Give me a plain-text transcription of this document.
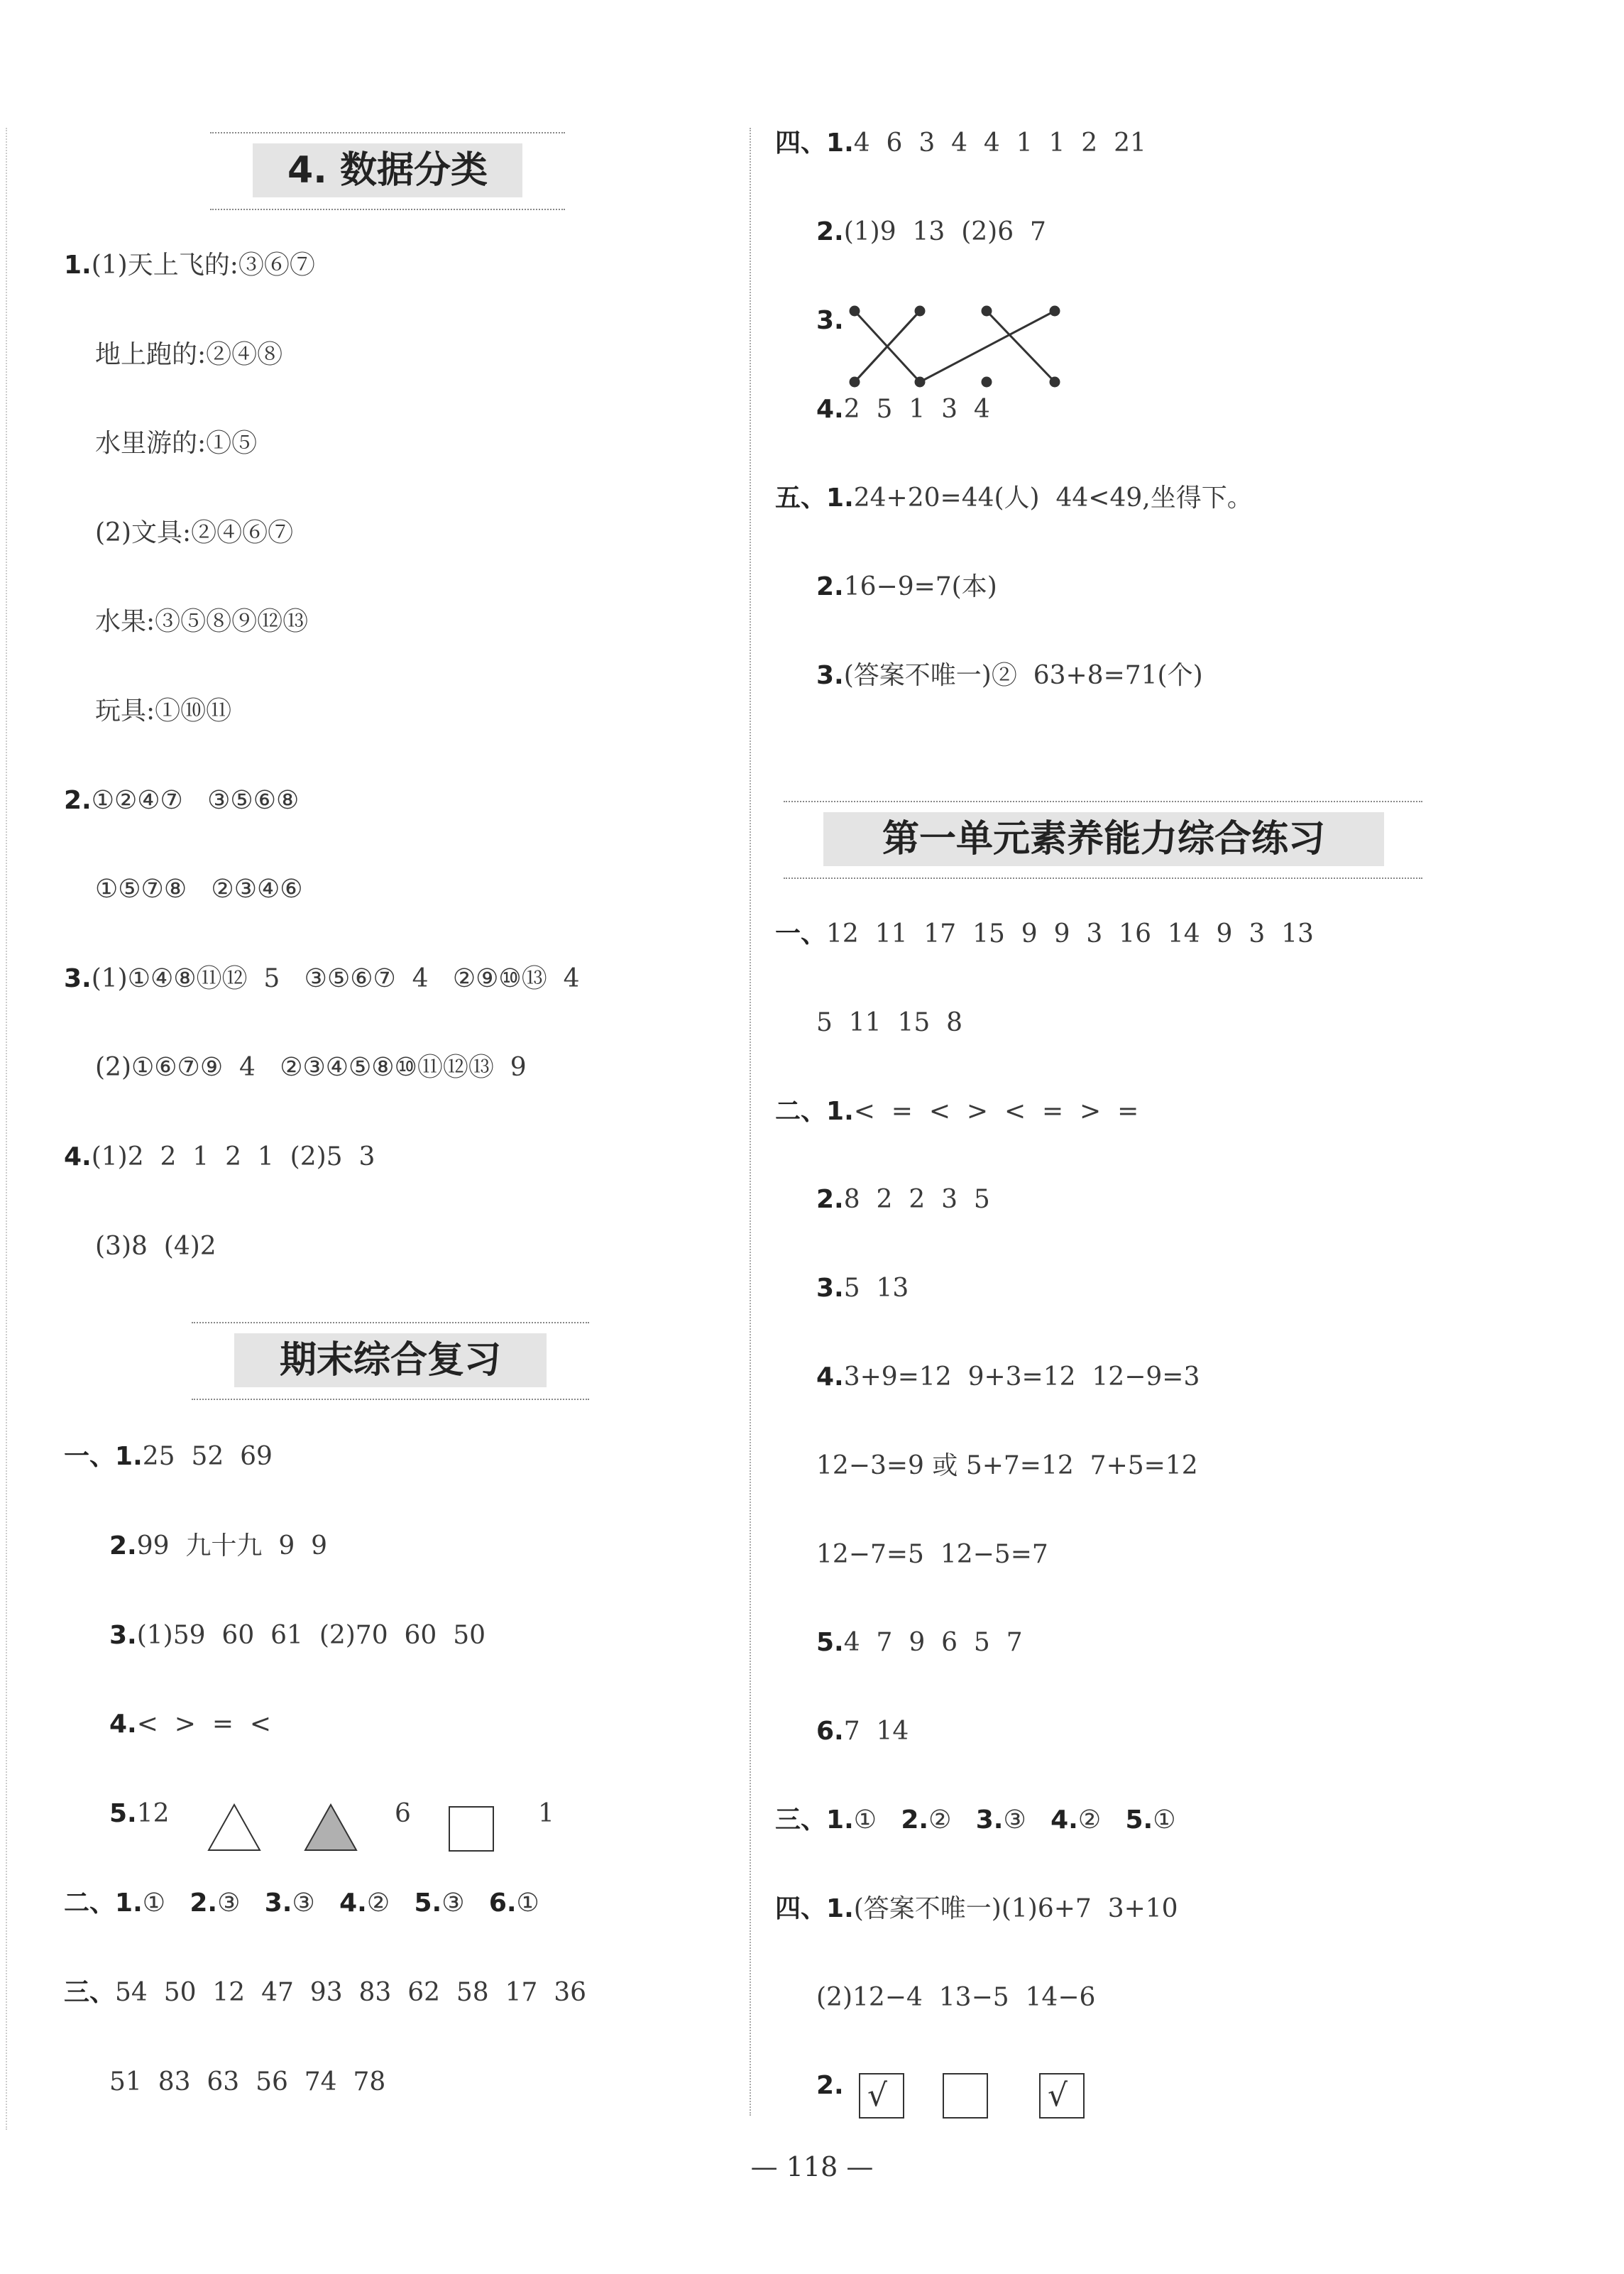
4. 数据分类
1.(1)天上飞的:③⑥⑦
地上跑的:②④⑧
水里游的:①⑤
(2)文具:②④⑥⑦
水果:③⑤⑧⑨⑫⑬
玩具:①⑩⑪
2.①②④⑦   ③⑤⑥⑧
①⑤⑦⑧   ②③④⑥
3.(1)①④⑧⑪⑫  5   ③⑤⑥⑦  4   ②⑨⑩⑬  4
(2)①⑥⑦⑨  4   ②③④⑤⑧⑩⑪⑫⑬  9
4.(1)2  2  1  2  1  (2)5  3
(3)8  (4)2
期末综合复习
一、1.25  52  69
2.99  九十九  9  9
3.(1)59  60  61  (2)70  60  50
4.<  >  =  <
5.12	6	1
二、1.① 2.③ 3.③ 4.② 5.③ 6.①
三、54  50  12  47  93  83  62  58  17  36
51  83  63  56  74  78
四、1.4  6  3  4  4  1  1  2  21
2.(1)9  13  (2)6  7
3.
4.2  5  1  3  4
五、1.24+20=44(人)  44<49,坐得下。
2.16−9=7(本)
3.(答案不唯一)②  63+8=71(个)
第一单元素养能力综合练习
一、12  11  17  15  9  9  3  16  14  9  3  13
5  11  15  8
二、1.<  =  <  >  <  =  >  =
2.8  2  2  3  5
3.5  13
4.3+9=12  9+3=12  12−9=3
12−3=9 或 5+7=12  7+5=12
12−7=5  12−5=7
5.4  7  9  6  5  7
6.7  14
三、1.① 2.② 3.③ 4.② 5.①
四、1.(答案不唯一)(1)6+7  3+10
(2)12−4  13−5  14−6
2. √	√
— 118 —
